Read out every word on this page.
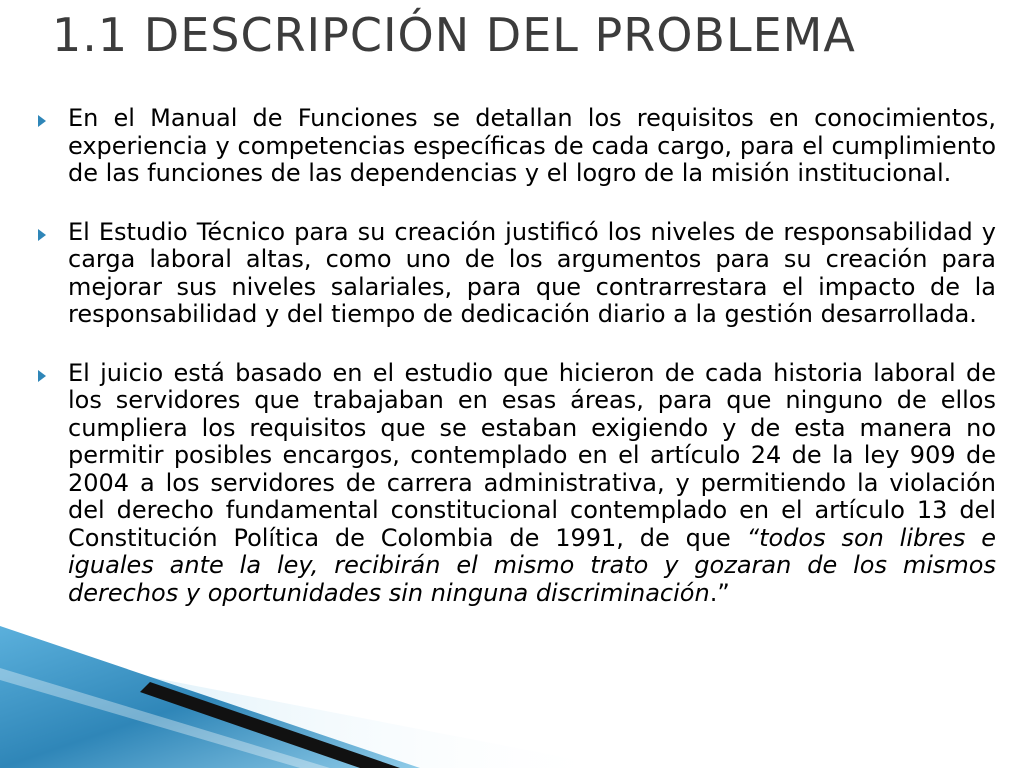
1.1 DESCRIPCIÓN DEL PROBLEMA

En el Manual de Funciones se detallan los requisitos en conocimientos, experiencia y competencias específicas de cada cargo, para el cumplimiento de las funciones de las dependencias y el logro de la misión institucional.

El Estudio Técnico para su creación justificó los niveles de responsabilidad y carga laboral altas, como uno de los argumentos para su creación para mejorar sus niveles salariales, para que contrarrestara el impacto de la responsabilidad y del tiempo de dedicación diario a la gestión desarrollada.

El juicio está basado en el estudio que hicieron de cada historia laboral de los servidores que trabajaban en esas áreas, para que ninguno de ellos cumpliera los requisitos que se estaban exigiendo y de esta manera no permitir posibles encargos, contemplado en el artículo 24 de la ley 909 de 2004 a los servidores de carrera administrativa, y permitiendo la violación del derecho fundamental constitucional contemplado en el artículo 13 del Constitución Política de Colombia de 1991, de que “todos son libres e iguales ante la ley, recibirán el mismo trato y gozaran de los mismos derechos y oportunidades sin ninguna discriminación.”
